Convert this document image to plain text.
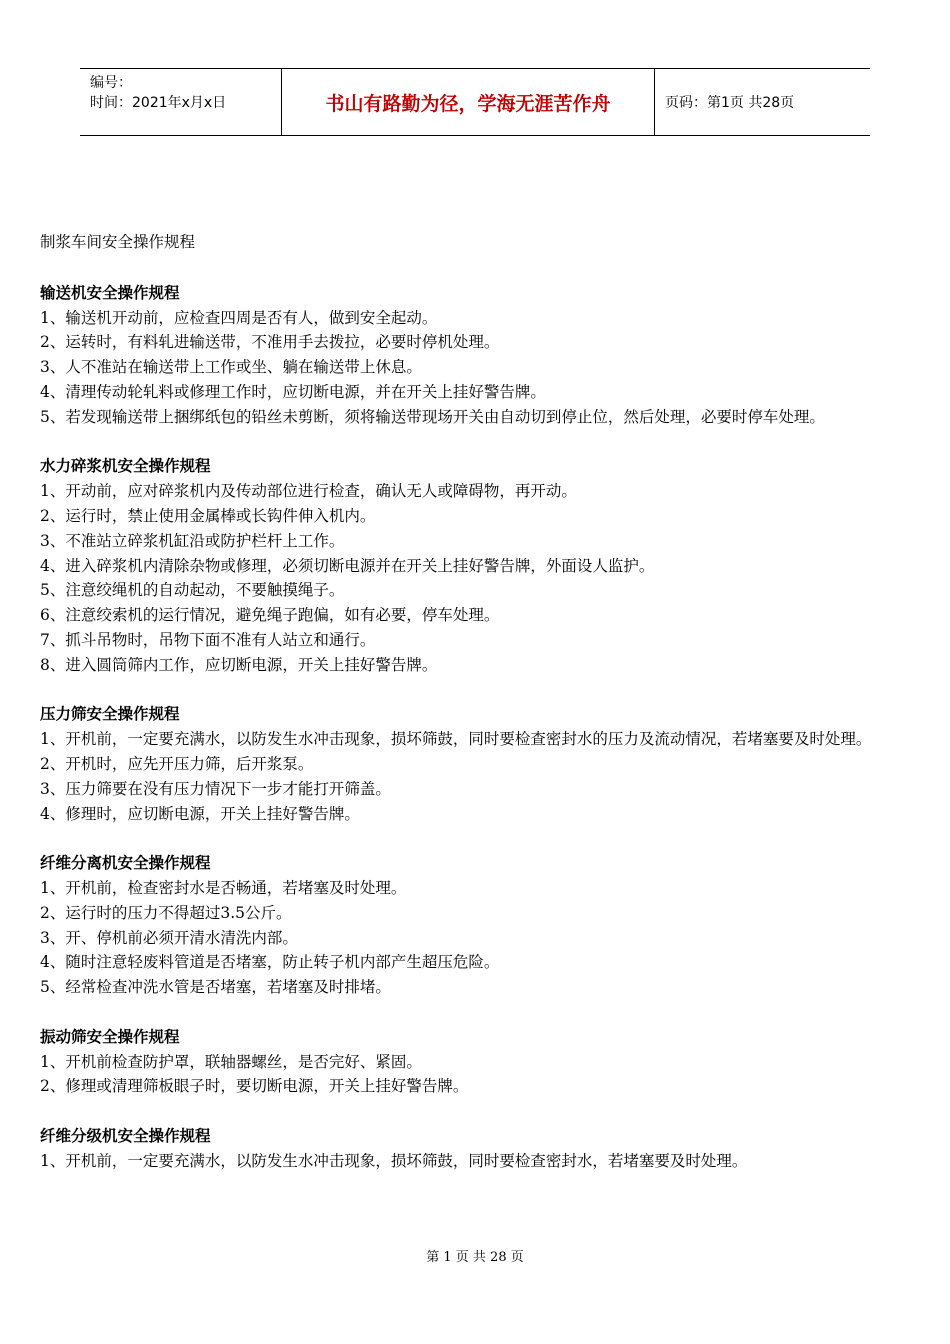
编号：
时间：2021年x月x日	书山有路勤为径，学海无涯苦作舟	页码：第1页 共28页

制浆车间安全操作规程

输送机安全操作规程

1、输送机开动前，应检查四周是否有人，做到安全起动。

2、运转时，有料轧进输送带，不准用手去拨拉，必要时停机处理。

3、人不准站在输送带上工作或坐、躺在输送带上休息。

4、清理传动轮轧料或修理工作时，应切断电源，并在开关上挂好警告牌。

5、若发现输送带上捆绑纸包的铅丝未剪断，须将输送带现场开关由自动切到停止位，然后处理，必要时停车处理。

水力碎浆机安全操作规程

1、开动前，应对碎浆机内及传动部位进行检查，确认无人或障碍物，再开动。

2、运行时，禁止使用金属棒或长钩件伸入机内。

3、不准站立碎浆机缸沿或防护栏杆上工作。

4、进入碎浆机内清除杂物或修理，必须切断电源并在开关上挂好警告牌，外面设人监护。

5、注意绞绳机的自动起动，不要触摸绳子。

6、注意绞索机的运行情况，避免绳子跑偏，如有必要，停车处理。

7、抓斗吊物时，吊物下面不准有人站立和通行。

8、进入圆筒筛内工作，应切断电源，开关上挂好警告牌。

压力筛安全操作规程

1、开机前，一定要充满水，以防发生水冲击现象，损坏筛鼓，同时要检查密封水的压力及流动情况，若堵塞要及时处理。

2、开机时，应先开压力筛，后开浆泵。

3、压力筛要在没有压力情况下一步才能打开筛盖。

4、修理时，应切断电源，开关上挂好警告牌。

纤维分离机安全操作规程

1、开机前，检查密封水是否畅通，若堵塞及时处理。

2、运行时的压力不得超过3.5公斤。

3、开、停机前必须开清水清洗内部。

4、随时注意轻废料管道是否堵塞，防止转子机内部产生超压危险。

5、经常检查冲洗水管是否堵塞，若堵塞及时排堵。

振动筛安全操作规程

1、开机前检查防护罩，联轴器螺丝，是否完好、紧固。

2、修理或清理筛板眼子时，要切断电源，开关上挂好警告牌。

纤维分级机安全操作规程

1、开机前，一定要充满水，以防发生水冲击现象，损坏筛鼓，同时要检查密封水，若堵塞要及时处理。

第 1 页 共 28 页
